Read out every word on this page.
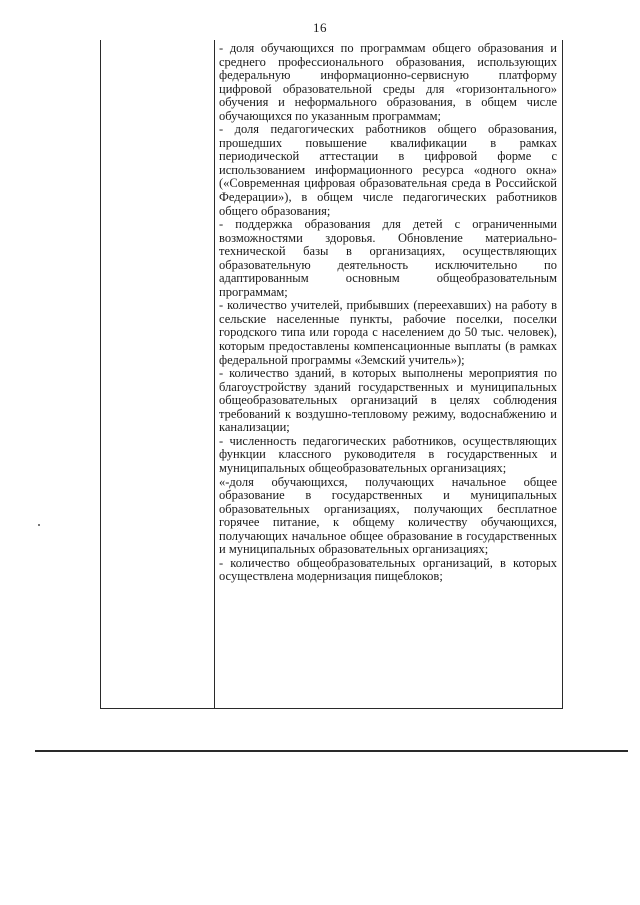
16

- доля обучающихся по программам общего образования и среднего профессионального образования, использующих федеральную информационно-сервисную платформу цифровой образовательной среды для «горизонтального» обучения и неформального образования, в общем числе обучающихся по указанным программам;

- доля педагогических работников общего образования, прошедших повышение квалификации в рамках периодической аттестации в цифровой форме с использованием информационного ресурса «одного окна» («Современная цифровая образовательная среда в Российской Федерации»), в общем числе педагогических работников общего образования;

- поддержка образования для детей с ограниченными возможностями здоровья. Обновление материально-технической базы в организациях, осуществляющих образовательную деятельность исключительно по адаптированным основным общеобразовательным программам;

- количество учителей, прибывших (переехавших) на работу в сельские населенные пункты, рабочие поселки, поселки городского типа или города с населением до 50 тыс. человек), которым предоставлены компенсационные выплаты (в рамках федеральной программы «Земский учитель»);

- количество зданий, в которых выполнены мероприятия по благоустройству зданий государственных и муниципальных общеобразовательных организаций в целях соблюдения требований к воздушно-тепловому режиму, водоснабжению и канализации;

- численность педагогических работников, осуществляющих функции классного руководителя в государственных и муниципальных общеобразовательных организациях;

«-доля обучающихся, получающих начальное общее образование в государственных и муниципальных образовательных организациях, получающих бесплатное горячее питание, к общему количеству обучающихся, получающих начальное общее образование в государственных и муниципальных образовательных организациях;

- количество общеобразовательных организаций, в которых осуществлена модернизация пищеблоков;
